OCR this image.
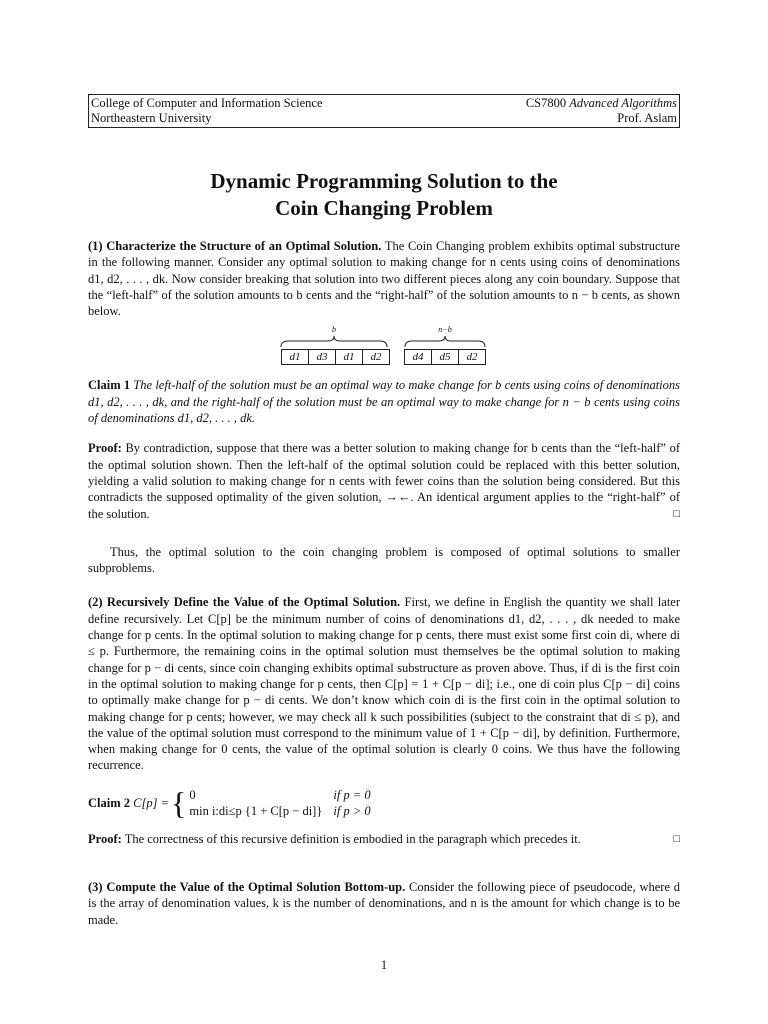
College of Computer and Information Science
Northeastern University
CS7800 Advanced Algorithms
Prof. Aslam
Dynamic Programming Solution to the
Coin Changing Problem

(1) Characterize the Structure of an Optimal Solution. The Coin Changing problem exhibits optimal substructure in the following manner. Consider any optimal solution to making change for n cents using coins of denominations d1, d2, . . . , dk. Now consider breaking that solution into two different pieces along any coin boundary. Suppose that the “left-half” of the solution amounts to b cents and the “right-half” of the solution amounts to n − b cents, as shown below.

b
d1	d3	d1	d2
n−b
d4	d5	d2

Claim 1 The left-half of the solution must be an optimal way to make change for b cents using coins of denominations d1, d2, . . . , dk, and the right-half of the solution must be an optimal way to make change for n − b cents using coins of denominations d1, d2, . . . , dk.

Proof: By contradiction, suppose that there was a better solution to making change for b cents than the “left-half” of the optimal solution shown. Then the left-half of the optimal solution could be replaced with this better solution, yielding a valid solution to making change for n cents with fewer coins than the solution being considered. But this contradicts the supposed optimality of the given solution, →←. An identical argument applies to the “right-half” of the solution.	□

Thus, the optimal solution to the coin changing problem is composed of optimal solutions to smaller subproblems.

(2) Recursively Define the Value of the Optimal Solution. First, we define in English the quantity we shall later define recursively. Let C[p] be the minimum number of coins of denominations d1, d2, . . . , dk needed to make change for p cents. In the optimal solution to making change for p cents, there must exist some first coin di, where di ≤ p. Furthermore, the remaining coins in the optimal solution must themselves be the optimal solution to making change for p − di cents, since coin changing exhibits optimal substructure as proven above. Thus, if di is the first coin in the optimal solution to making change for p cents, then C[p] = 1 + C[p − di]; i.e., one di coin plus C[p − di] coins to optimally make change for p − di cents. We don’t know which coin di is the first coin in the optimal solution to making change for p cents; however, we may check all k such possibilities (subject to the constraint that di ≤ p), and the value of the optimal solution must correspond to the minimum value of 1 + C[p − di], by definition. Furthermore, when making change for 0 cents, the value of the optimal solution is clearly 0 coins. We thus have the following recurrence.

Claim 2
C[p] = { 0	if p = 0
min i:di≤p {1 + C[p − di]} if p > 0

Proof: The correctness of this recursive definition is embodied in the paragraph which precedes it.	□

(3) Compute the Value of the Optimal Solution Bottom-up. Consider the following piece of pseudocode, where d is the array of denomination values, k is the number of denominations, and n is the amount for which change is to be made.

1
